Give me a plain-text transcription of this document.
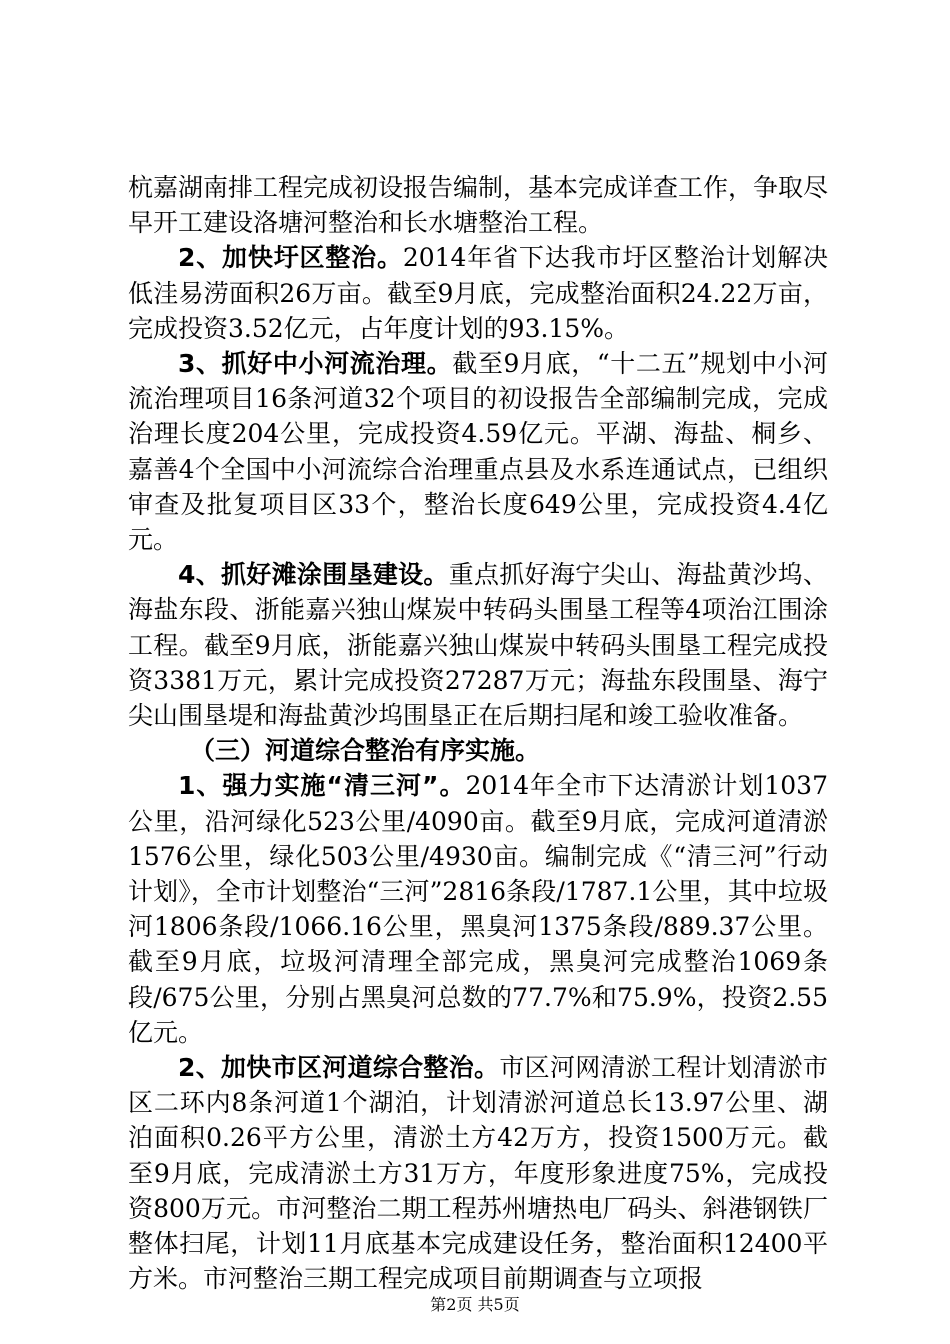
杭嘉湖南排工程完成初设报告编制，基本完成详查工作，争取尽早开工建设洛塘河整治和长水塘整治工程。

2、加快圩区整治。2014年省下达我市圩区整治计划解决低洼易涝面积26万亩。截至9月底，完成整治面积24.22万亩，完成投资3.52亿元，占年度计划的93.15%。

3、抓好中小河流治理。截至9月底，“十二五”规划中小河流治理项目16条河道32个项目的初设报告全部编制完成，完成治理长度204公里，完成投资4.59亿元。平湖、海盐、桐乡、嘉善4个全国中小河流综合治理重点县及水系连通试点，已组织审查及批复项目区33个，整治长度649公里，完成投资4.4亿元。

4、抓好滩涂围垦建设。重点抓好海宁尖山、海盐黄沙坞、海盐东段、浙能嘉兴独山煤炭中转码头围垦工程等4项治江围涂工程。截至9月底，浙能嘉兴独山煤炭中转码头围垦工程完成投资3381万元，累计完成投资27287万元；海盐东段围垦、海宁尖山围垦堤和海盐黄沙坞围垦正在后期扫尾和竣工验收准备。

（三）河道综合整治有序实施。

1、强力实施“清三河”。2014年全市下达清淤计划1037公里，沿河绿化523公里/4090亩。截至9月底，完成河道清淤1576公里，绿化503公里/4930亩。编制完成《“清三河”行动计划》，全市计划整治“三河”2816条段/1787.1公里，其中垃圾河1806条段/1066.16公里，黑臭河1375条段/889.37公里。截至9月底，垃圾河清理全部完成，黑臭河完成整治1069条段/675公里，分别占黑臭河总数的77.7%和75.9%，投资2.55亿元。

2、加快市区河道综合整治。市区河网清淤工程计划清淤市区二环内8条河道1个湖泊，计划清淤河道总长13.97公里、湖泊面积0.26平方公里，清淤土方42万方，投资1500万元。截至9月底，完成清淤土方31万方，年度形象进度75%，完成投资800万元。市河整治二期工程苏州塘热电厂码头、斜港钢铁厂整体扫尾，计划11月底基本完成建设任务，整治面积12400平方米。市河整治三期工程完成项目前期调查与立项报

第2页 共5页
